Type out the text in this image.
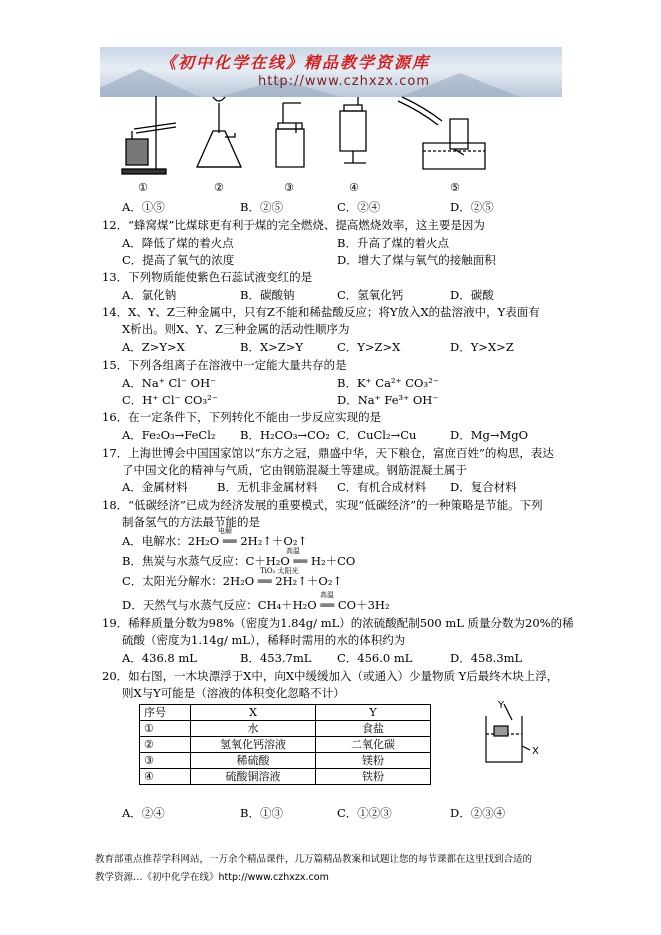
《初中化学在线》精品教学资源库
http://www.czhxzx.com
①	②	③	④	⑤
A．①⑤	B．②⑤	C．②④	D．②⑤
12．“蜂窝煤”比煤球更有利于煤的完全燃烧、提高燃烧效率，这主要是因为
A．降低了煤的着火点	B．升高了煤的着火点
C．提高了氧气的浓度	D．增大了煤与氧气的接触面积
13．下列物质能使紫色石蕊试液变红的是
A．氯化钠	B．碳酸钠	C．氢氧化钙	D．碳酸
14．X、Y、Z三种金属中，只有Z不能和稀盐酸反应；将Y放入X的盐溶液中，Y表面有
X析出。则X、Y、Z三种金属的活动性顺序为
A．Z>Y>X	B．X>Z>Y	C．Y>Z>X	D．Y>X>Z
15．下列各组离子在溶液中一定能大量共存的是
A．Na⁺ Cl⁻ OH⁻	B．K⁺ Ca²⁺ CO₃²⁻
C．H⁺ Cl⁻ CO₃²⁻	D．Na⁺ Fe³⁺ OH⁻
16．在一定条件下，下列转化不能由一步反应实现的是
A．Fe₂O₃→FeCl₂ B．H₂CO₃→CO₂ C．CuCl₂→Cu	D．Mg→MgO
17．上海世博会中国国家馆以“东方之冠，鼎盛中华，天下粮仓，富庶百姓”的构思，表达
了中国文化的精神与气质，它由钢筋混凝土等建成。钢筋混凝土属于
A．金属材料	B．无机非金属材料 C．有机合成材料 D．复合材料
18．“低碳经济”已成为经济发展的重要模式，实现“低碳经济”的一种策略是节能。下列
制备氢气的方法最节能的是
A．电解水：2H₂O ══ 2H₂↑＋O₂↑
电解
B．焦炭与水蒸气反应：C＋H₂O ══ H₂＋CO
高温
C．太阳光分解水：2H₂O ══ 2H₂↑＋O₂↑
TiO₂ 太阳光
D．天然气与水蒸气反应：CH₄＋H₂O ══ CO＋3H₂
高温
19．稀释质量分数为98%（密度为1.84g/ mL）的浓硫酸配制500 mL 质量分数为20%的稀
硫酸（密度为1.14g/ mL），稀释时需用的水的体积约为
A．436.8 mL	B．453.7mL C．456.0 mL	D．458.3mL
20．如右图，一木块漂浮于X中，向X中缓缓加入（或通入）少量物质 Y后最终木块上浮，
则X与Y可能是（溶液的体积变化忽略不计）
序号	X	Y
①	水	食盐
②	氢氧化钙溶液	二氧化碳
③	稀硫酸	镁粉
④	硫酸铜溶液	铁粉
Y
X
A．②④	B．①③	C．①②③	D．②③④
教育部重点推荐学科网站，一万余个精品课件，几万篇精品教案和试题让您的每节课都在这里找到合适的
教学资源…《初中化学在线》http://www.czhxzx.com
